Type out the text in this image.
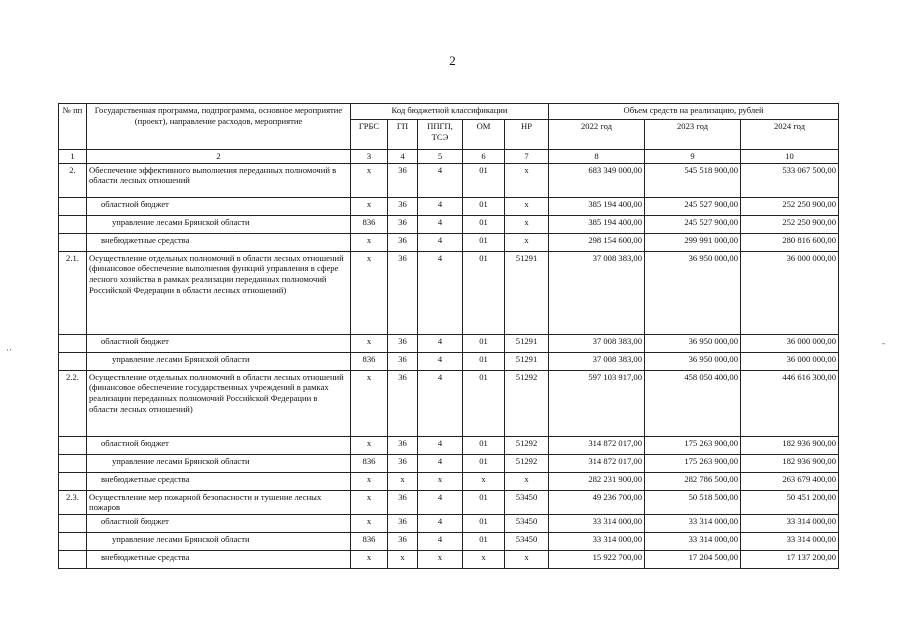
2
№ пп	Государственная программа, подпрограмма, основное мероприятие (проект), направление расходов, мероприятие	Код бюджетной классификации					Объем средств на реализацию, рублей		
		ГРБС	ГП	ППГП, ТСЭ	ОМ	НР	2022 год	2023 год	2024 год
1	2	3	4	5	6	7	8	9	10
2.	Обеспечение эффективного выполнения переданных полномочий в области лесных отношений	х	36	4	01	х	683 349 000,00	545 518 900,00	533 067 500,00
	областной бюджет	х	36	4	01	х	385 194 400,00	245 527 900,00	252 250 900,00
	управление лесами Брянской области	836	36	4	01	х	385 194 400,00	245 527 900,00	252 250 900,00
	внебюджетные средства	х	36	4	01	х	298 154 600,00	299 991 000,00	280 816 600,00
2.1.	Осуществление отдельных полномочий в области лесных отношений (финансовое обеспечение выполнения функций управления в сфере лесного хозяйства в рамках реализации переданных полномочий Российской Федерации в области лесных отношений)	х	36	4	01	51291	37 008 383,00	36 950 000,00	36 000 000,00
	областной бюджет	х	36	4	01	51291	37 008 383,00	36 950 000,00	36 000 000,00
	управление лесами Брянской области	836	36	4	01	51291	37 008 383,00	36 950 000,00	36 000 000,00
2.2.	Осуществление отдельных полномочий в области лесных отношений (финансовое обеспечение государственных учреждений в рамках реализации переданных полномочий Российской Федерации в области лесных отношений)	х	36	4	01	51292	597 103 917,00	458 050 400,00	446 616 300,00
	областной бюджет	х	36	4	01	51292	314 872 017,00	175 263 900,00	182 936 900,00
	управление лесами Брянской области	836	36	4	01	51292	314 872 017,00	175 263 900,00	182 936 900,00
	внебюджетные средства	х	х	х	х	х	282 231 900,00	282 786 500,00	263 679 400,00
2.3.	Осуществление мер пожарной безопасности и тушение лесных пожаров	х	36	4	01	53450	49 236 700,00	50 518 500,00	50 451 200,00
	областной бюджет	х	36	4	01	53450	33 314 000,00	33 314 000,00	33 314 000,00
	управление лесами Брянской области	836	36	4	01	53450	33 314 000,00	33 314 000,00	33 314 000,00
	внебюджетные средства	х	х	х	х	х	15 922 700,00	17 204 500,00	17 137 200,00
··
-
